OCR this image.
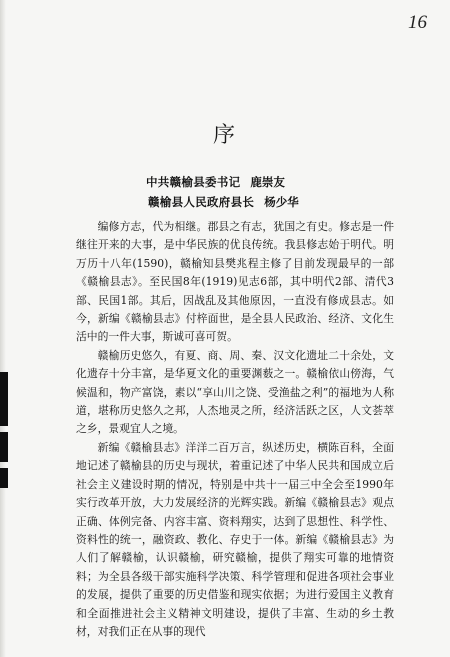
16
序
中共赣榆县委书记 鹿崇友
赣榆县人民政府县长 杨少华

编修方志，代为相继。郡县之有志，犹国之有史。修志是一件继往开来的大事，是中华民族的优良传统。我县修志始于明代。明万历十八年(1590)，赣榆知县樊兆程主修了目前发现最早的一部《赣榆县志》。至民国8年(1919)见志6部，其中明代2部、清代3部、民国1部。其后，因战乱及其他原因，一直没有修成县志。如今，新编《赣榆县志》付梓面世，是全县人民政治、经济、文化生活中的一件大事，斯诚可喜可贺。

赣榆历史悠久，有夏、商、周、秦、汉文化遗址二十余处，文化遗存十分丰富，是华夏文化的重要渊薮之一。赣榆依山傍海，气候温和，物产富饶，素以“享山川之饶、受渔盐之利”的福地为人称道，堪称历史悠久之邦，人杰地灵之所，经济活跃之区，人文荟萃之乡，景观宜人之境。

新编《赣榆县志》洋洋二百万言，纵述历史，横陈百科，全面地记述了赣榆县的历史与现状，着重记述了中华人民共和国成立后社会主义建设时期的情况，特别是中共十一届三中全会至1990年实行改革开放，大力发展经济的光辉实践。新编《赣榆县志》观点正确、体例完备、内容丰富、资料翔实，达到了思想性、科学性、资料性的统一，融资政、教化、存史于一体。新编《赣榆县志》为人们了解赣榆，认识赣榆，研究赣榆，提供了翔实可靠的地情资料；为全县各级干部实施科学决策、科学管理和促进各项社会事业的发展，提供了重要的历史借鉴和现实依据；为进行爱国主义教育和全面推进社会主义精神文明建设，提供了丰富、生动的乡土教材，对我们正在从事的现代
